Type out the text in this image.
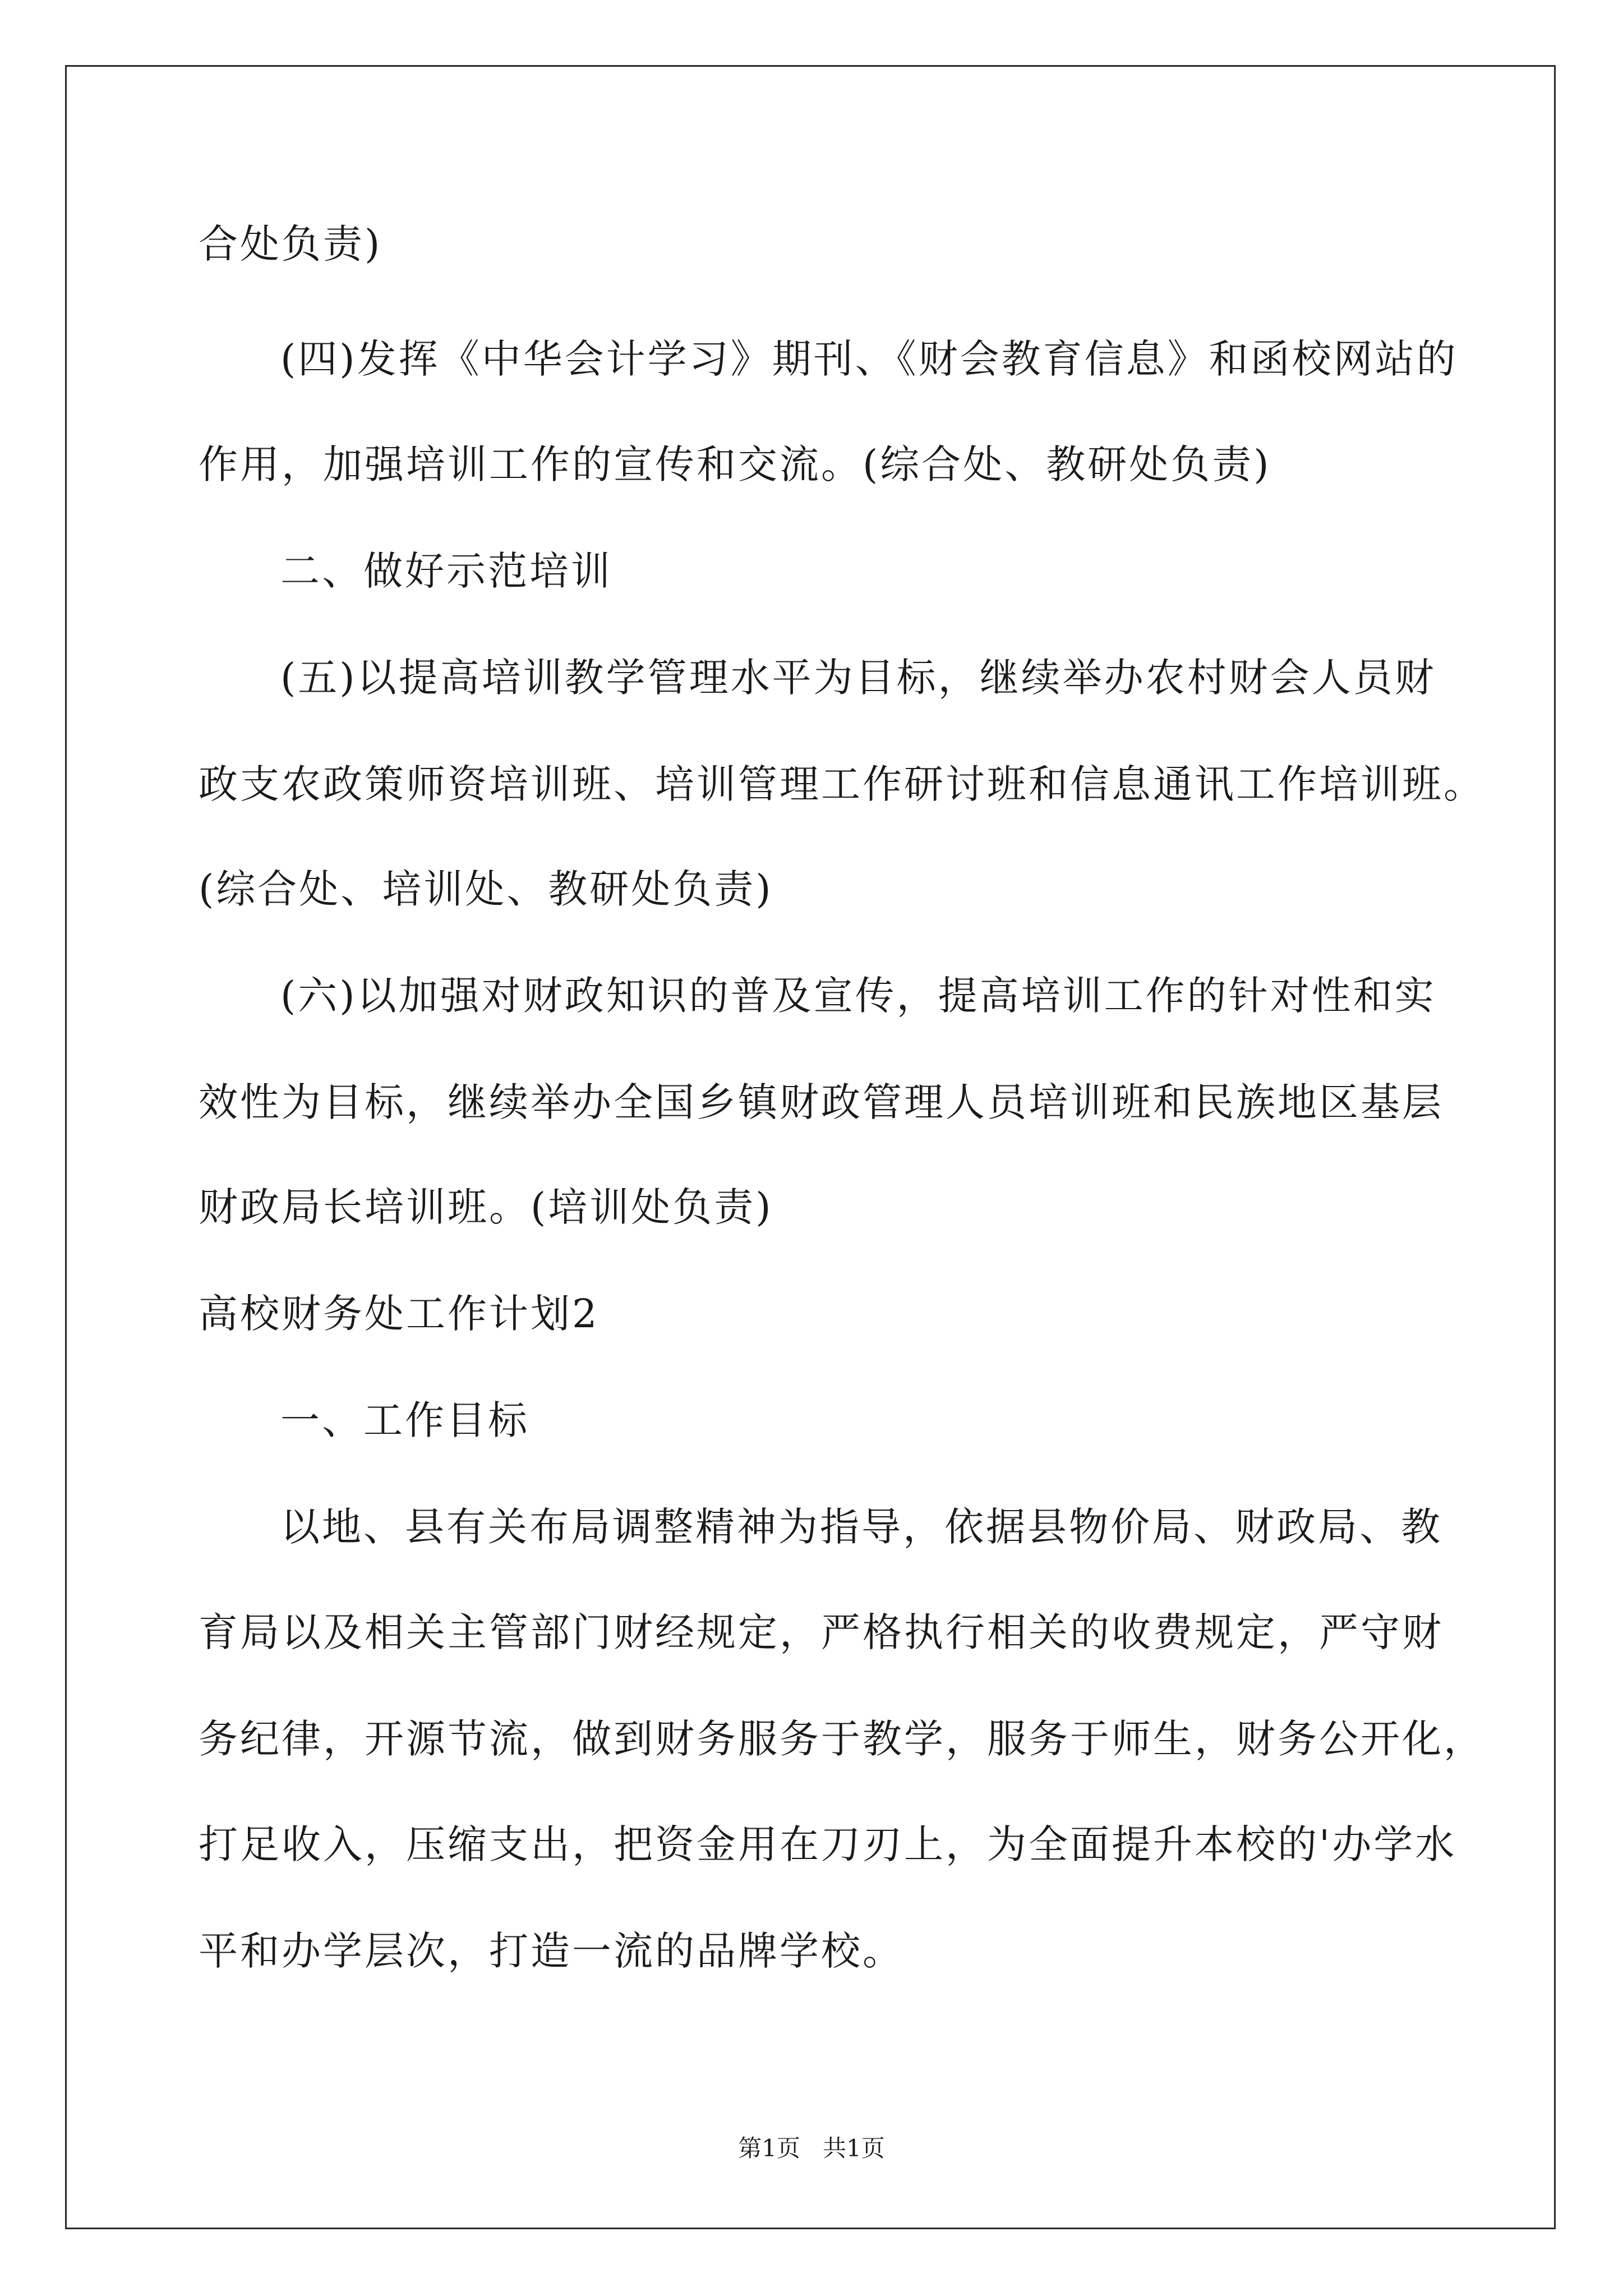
合处负责)

(四)发挥《中华会计学习》期刊、《财会教育信息》和函校网站的

作用，加强培训工作的宣传和交流。(综合处、教研处负责)

二、做好示范培训

(五)以提高培训教学管理水平为目标，继续举办农村财会人员财

政支农政策师资培训班、培训管理工作研讨班和信息通讯工作培训班。

(综合处、培训处、教研处负责)

(六)以加强对财政知识的普及宣传，提高培训工作的针对性和实

效性为目标，继续举办全国乡镇财政管理人员培训班和民族地区基层

财政局长培训班。(培训处负责)

高校财务处工作计划2

一、工作目标

以地、县有关布局调整精神为指导，依据县物价局、财政局、教

育局以及相关主管部门财经规定，严格执行相关的收费规定，严守财

务纪律，开源节流，做到财务服务于教学，服务于师生，财务公开化，

打足收入，压缩支出，把资金用在刀刃上，为全面提升本校的'办学水

平和办学层次，打造一流的品牌学校。

第1页   共1页
